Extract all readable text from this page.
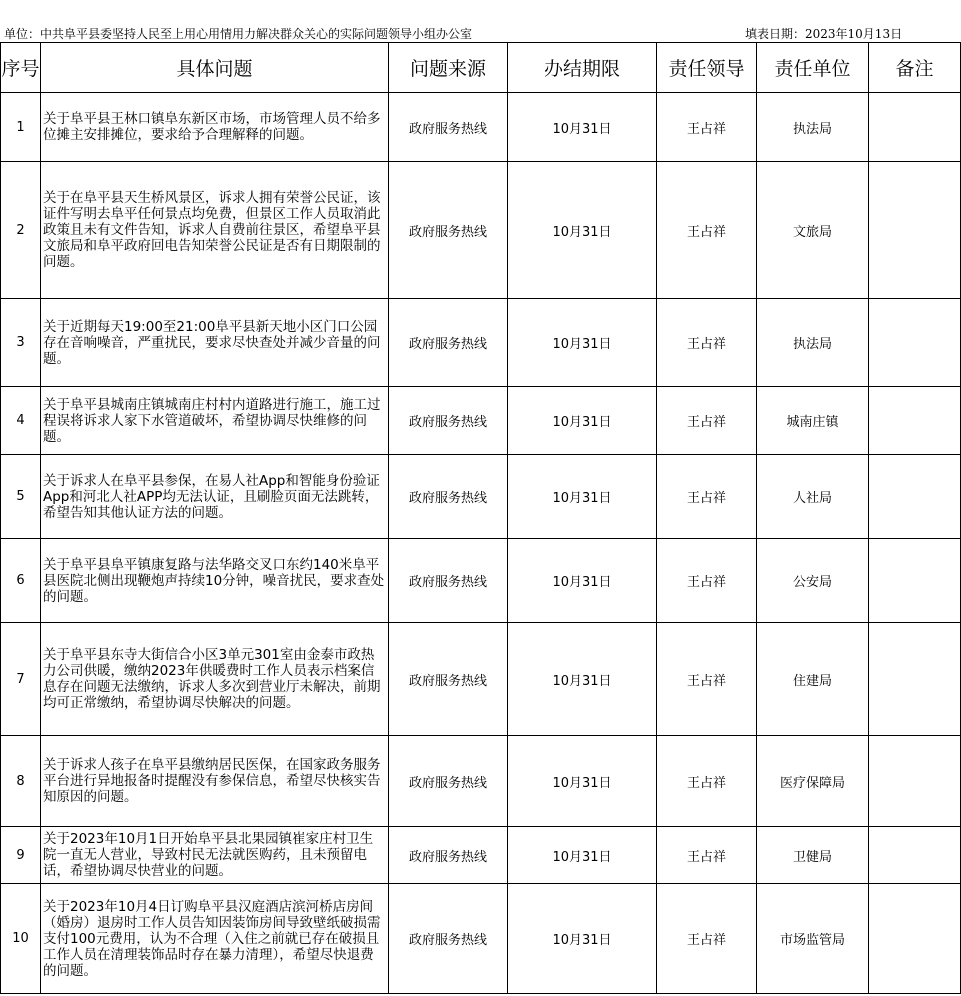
单位：中共阜平县委坚持人民至上用心用情用力解决群众关心的实际问题领导小组办公室	填表日期：2023年10月13日
序号	具体问题	问题来源	办结期限	责任领导	责任单位	备注
1	关于阜平县王林口镇阜东新区市场，市场管理人员不给多位摊主安排摊位，要求给予合理解释的问题。	政府服务热线	10月31日	王占祥	执法局	
2	关于在阜平县天生桥风景区，诉求人拥有荣誉公民证，该证件写明去阜平任何景点均免费，但景区工作人员取消此政策且未有文件告知，诉求人自费前往景区，希望阜平县文旅局和阜平政府回电告知荣誉公民证是否有日期限制的问题。	政府服务热线	10月31日	王占祥	文旅局	
3	关于近期每天19:00至21:00阜平县新天地小区门口公园存在音响噪音，严重扰民，要求尽快查处并减少音量的问题。	政府服务热线	10月31日	王占祥	执法局	
4	关于阜平县城南庄镇城南庄村村内道路进行施工，施工过程误将诉求人家下水管道破坏，希望协调尽快维修的问题。	政府服务热线	10月31日	王占祥	城南庄镇	
5	关于诉求人在阜平县参保，在易人社App和智能身份验证App和河北人社APP均无法认证，且刷脸页面无法跳转，希望告知其他认证方法的问题。	政府服务热线	10月31日	王占祥	人社局	
6	关于阜平县阜平镇康复路与法华路交叉口东约140米阜平县医院北侧出现鞭炮声持续10分钟，噪音扰民，要求查处的问题。	政府服务热线	10月31日	王占祥	公安局	
7	关于阜平县东寺大街信合小区3单元301室由金泰市政热力公司供暖，缴纳2023年供暖费时工作人员表示档案信息存在问题无法缴纳，诉求人多次到营业厅未解决，前期均可正常缴纳，希望协调尽快解决的问题。	政府服务热线	10月31日	王占祥	住建局	
8	关于诉求人孩子在阜平县缴纳居民医保，在国家政务服务平台进行异地报备时提醒没有参保信息，希望尽快核实告知原因的问题。	政府服务热线	10月31日	王占祥	医疗保障局	
9	关于2023年10月1日开始阜平县北果园镇崔家庄村卫生院一直无人营业，导致村民无法就医购药，且未预留电话，希望协调尽快营业的问题。	政府服务热线	10月31日	王占祥	卫健局	
10	关于2023年10月4日订购阜平县汉庭酒店滨河桥店房间（婚房）退房时工作人员告知因装饰房间导致壁纸破损需支付100元费用，认为不合理（入住之前就已存在破损且工作人员在清理装饰品时存在暴力清理），希望尽快退费的问题。	政府服务热线	10月31日	王占祥	市场监管局	
